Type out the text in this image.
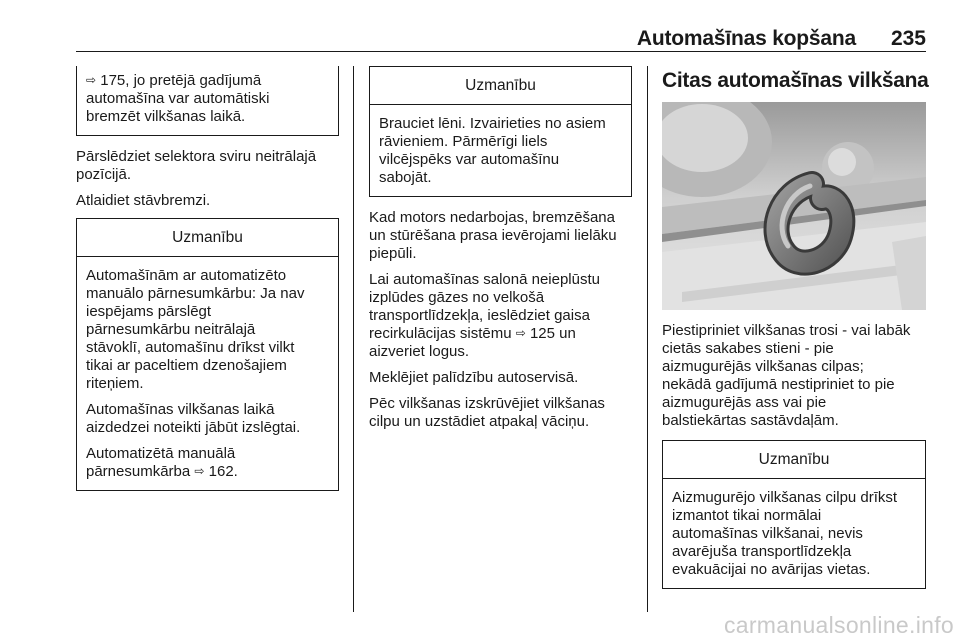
Automašīnas kopšana 235

⇨ 175, jo pretējā gadījumā

automašīna var automātiski

bremzēt vilkšanas laikā.

Pārslēdziet selektora sviru neitrālajā

pozīcijā.

Atlaidiet stāvbremzi.

Uzmanību

Automašīnām ar automatizēto

manuālo pārnesumkārbu: Ja nav

iespējams pārslēgt

pārnesumkārbu neitrālajā

stāvoklī, automašīnu drīkst vilkt

tikai ar paceltiem dzenošajiem

riteņiem.

Automašīnas vilkšanas laikā

aizdedzei noteikti jābūt izslēgtai.

Automatizētā manuālā

pārnesumkārba ⇨ 162.

Uzmanību

Brauciet lēni. Izvairieties no asiem

rāvieniem. Pārmērīgi liels

vilcējspēks var automašīnu

sabojāt.

Kad motors nedarbojas, bremzēšana

un stūrēšana prasa ievērojami lielāku

piepūli.

Lai automašīnas salonā neieplūstu

izplūdes gāzes no velkošā

transportlīdzekļa, ieslēdziet gaisa

recirkulācijas sistēmu ⇨ 125 un

aizveriet logus.

Meklējiet palīdzību autoservisā.

Pēc vilkšanas izskrūvējiet vilkšanas

cilpu un uzstādiet atpakaļ vāciņu.

Citas automašīnas vilkšana

Piestipriniet vilkšanas trosi - vai labāk

cietās sakabes stieni - pie

aizmugurējās vilkšanas cilpas;

nekādā gadījumā nestipriniet to pie

aizmugurējās ass vai pie

balstiekārtas sastāvdaļām.

Uzmanību

Aizmugurējo vilkšanas cilpu drīkst

izmantot tikai normālai

automašīnas vilkšanai, nevis

avarējuša transportlīdzekļa

evakuācijai no avārijas vietas.

carmanualsonline.info
